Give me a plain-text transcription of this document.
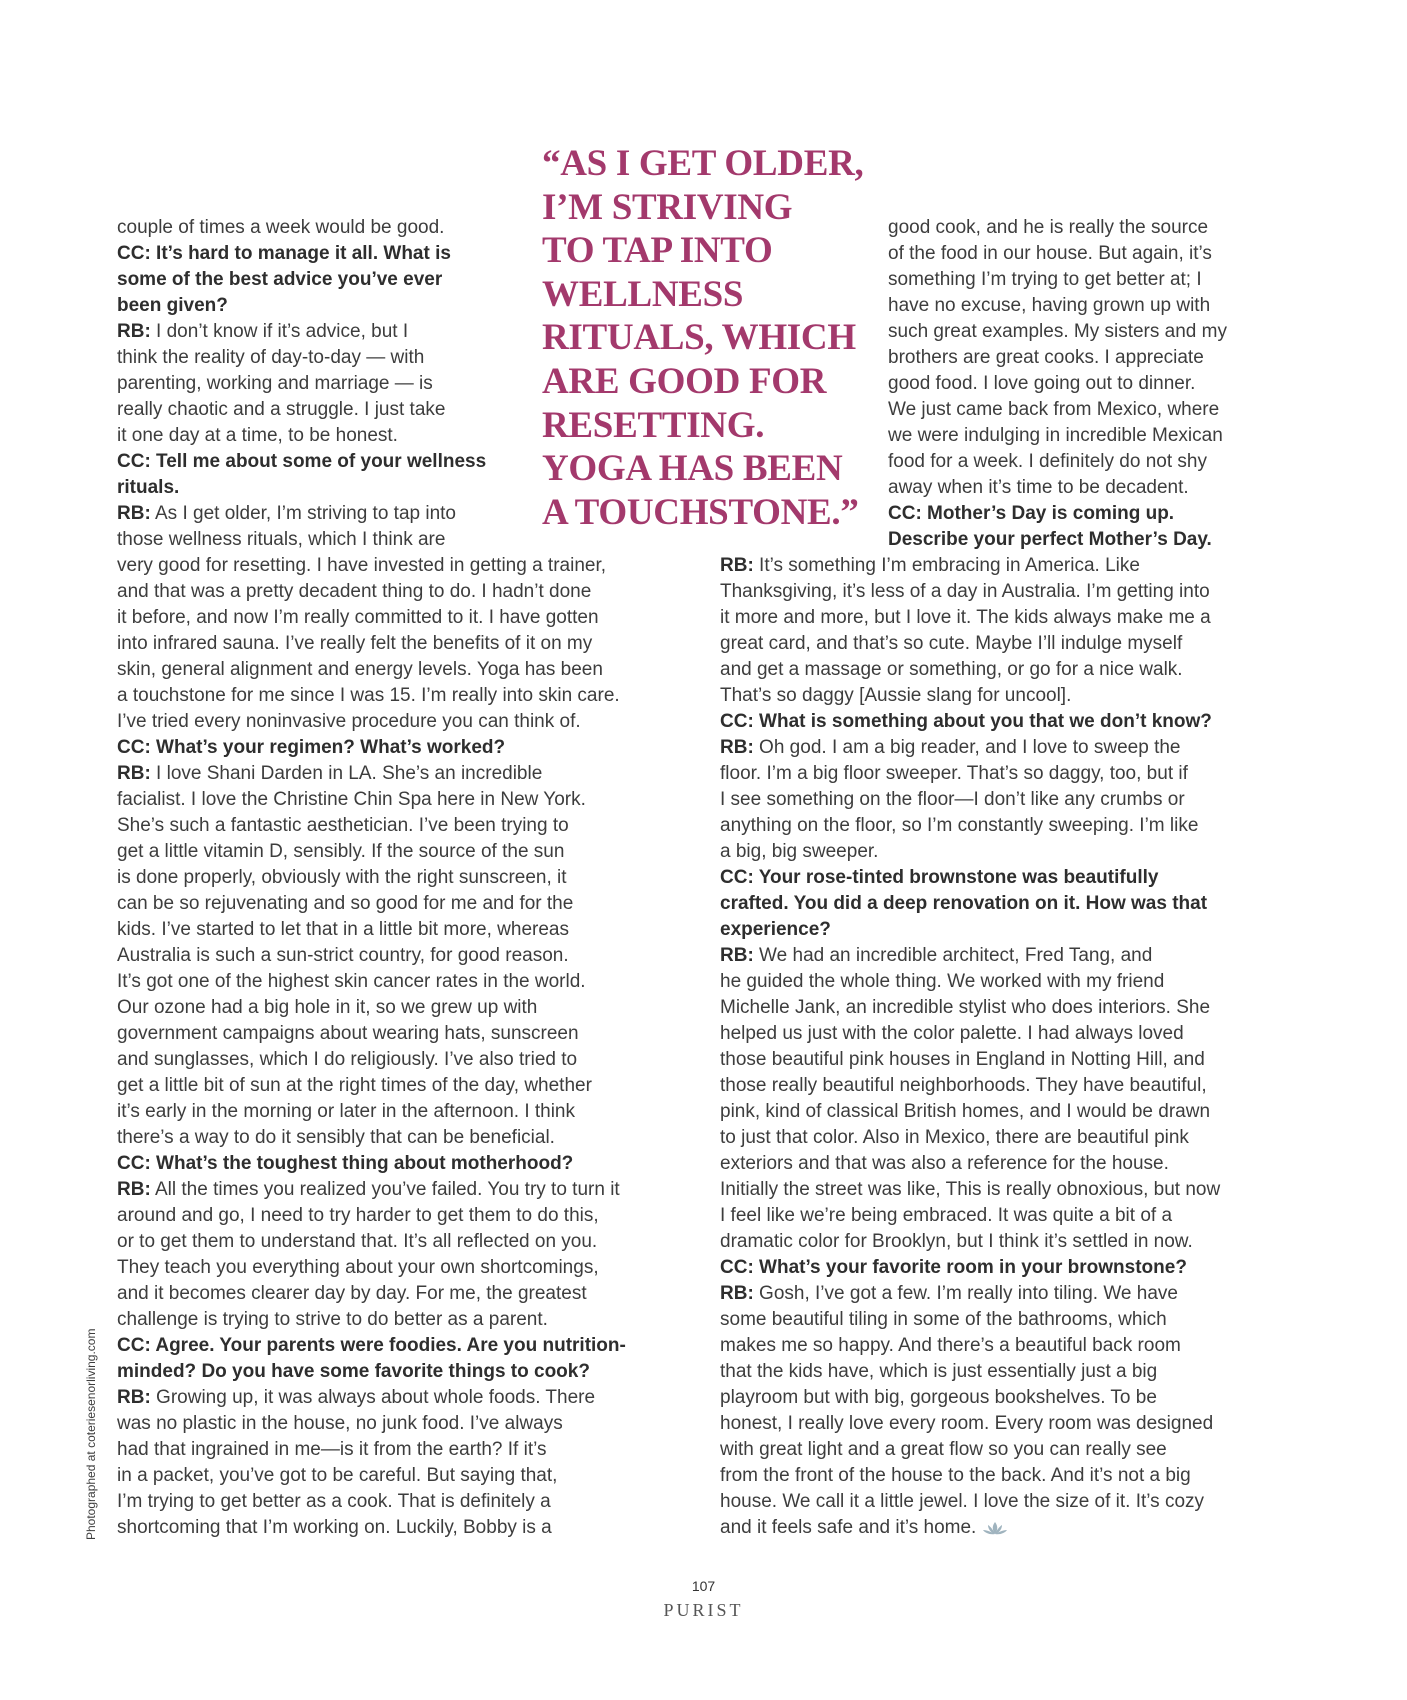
“AS I GET OLDER,
I’M STRIVING
TO TAP INTO
WELLNESS
RITUALS, WHICH
ARE GOOD FOR
RESETTING.
YOGA HAS BEEN
A TOUCHSTONE.”

couple of times a week would be good.

CC: It’s hard to manage it all. What is

some of the best advice you’ve ever

been given?

RB: I don’t know if it’s advice, but I

think the reality of day-to-day — with

parenting, working and marriage — is

really chaotic and a struggle. I just take

it one day at a time, to be honest.

CC: Tell me about some of your wellness

rituals.

RB: As I get older, I’m striving to tap into

those wellness rituals, which I think are

very good for resetting. I have invested in getting a trainer,

and that was a pretty decadent thing to do. I hadn’t done

it before, and now I’m really committed to it. I have gotten

into infrared sauna. I’ve really felt the benefits of it on my

skin, general alignment and energy levels. Yoga has been

a touchstone for me since I was 15. I’m really into skin care.

I’ve tried every noninvasive procedure you can think of.

CC: What’s your regimen? What’s worked?

RB: I love Shani Darden in LA. She’s an incredible

facialist. I love the Christine Chin Spa here in New York.

She’s such a fantastic aesthetician. I’ve been trying to

get a little vitamin D, sensibly. If the source of the sun

is done properly, obviously with the right sunscreen, it

can be so rejuvenating and so good for me and for the

kids. I’ve started to let that in a little bit more, whereas

Australia is such a sun-strict country, for good reason.

It’s got one of the highest skin cancer rates in the world.

Our ozone had a big hole in it, so we grew up with

government campaigns about wearing hats, sunscreen

and sunglasses, which I do religiously. I’ve also tried to

get a little bit of sun at the right times of the day, whether

it’s early in the morning or later in the afternoon. I think

there’s a way to do it sensibly that can be beneficial.

CC: What’s the toughest thing about motherhood?

RB: All the times you realized you’ve failed. You try to turn it

around and go, I need to try harder to get them to do this,

or to get them to understand that. It’s all reflected on you.

They teach you everything about your own shortcomings,

and it becomes clearer day by day. For me, the greatest

challenge is trying to strive to do better as a parent.

CC: Agree. Your parents were foodies. Are you nutrition-

minded? Do you have some favorite things to cook?

RB: Growing up, it was always about whole foods. There

was no plastic in the house, no junk food. I’ve always

had that ingrained in me—is it from the earth? If it’s

in a packet, you’ve got to be careful. But saying that,

I’m trying to get better as a cook. That is definitely a

shortcoming that I’m working on. Luckily, Bobby is a

good cook, and he is really the source

of the food in our house. But again, it’s

something I’m trying to get better at; I

have no excuse, having grown up with

such great examples. My sisters and my

brothers are great cooks. I appreciate

good food. I love going out to dinner.

We just came back from Mexico, where

we were indulging in incredible Mexican

food for a week. I definitely do not shy

away when it’s time to be decadent.

CC: Mother’s Day is coming up.

Describe your perfect Mother’s Day.

RB: It’s something I’m embracing in America. Like

Thanksgiving, it’s less of a day in Australia. I’m getting into

it more and more, but I love it. The kids always make me a

great card, and that’s so cute. Maybe I’ll indulge myself

and get a massage or something, or go for a nice walk.

That’s so daggy [Aussie slang for uncool].

CC: What is something about you that we don’t know?

RB: Oh god. I am a big reader, and I love to sweep the

floor. I’m a big floor sweeper. That’s so daggy, too, but if

I see something on the floor—I don’t like any crumbs or

anything on the floor, so I’m constantly sweeping. I’m like

a big, big sweeper.

CC: Your rose-tinted brownstone was beautifully

crafted. You did a deep renovation on it. How was that

experience?

RB: We had an incredible architect, Fred Tang, and

he guided the whole thing. We worked with my friend

Michelle Jank, an incredible stylist who does interiors. She

helped us just with the color palette. I had always loved

those beautiful pink houses in England in Notting Hill, and

those really beautiful neighborhoods. They have beautiful,

pink, kind of classical British homes, and I would be drawn

to just that color. Also in Mexico, there are beautiful pink

exteriors and that was also a reference for the house.

Initially the street was like, This is really obnoxious, but now

I feel like we’re being embraced. It was quite a bit of a

dramatic color for Brooklyn, but I think it’s settled in now.

CC: What’s your favorite room in your brownstone?

RB: Gosh, I’ve got a few. I’m really into tiling. We have

some beautiful tiling in some of the bathrooms, which

makes me so happy. And there’s a beautiful back room

that the kids have, which is just essentially just a big

playroom but with big, gorgeous bookshelves. To be

honest, I really love every room. Every room was designed

with great light and a great flow so you can really see

from the front of the house to the back. And it’s not a big

house. We call it a little jewel. I love the size of it. It’s cozy

and it feels safe and it’s home.

Photographed at coteriesenorliving.com
107
PURIST
